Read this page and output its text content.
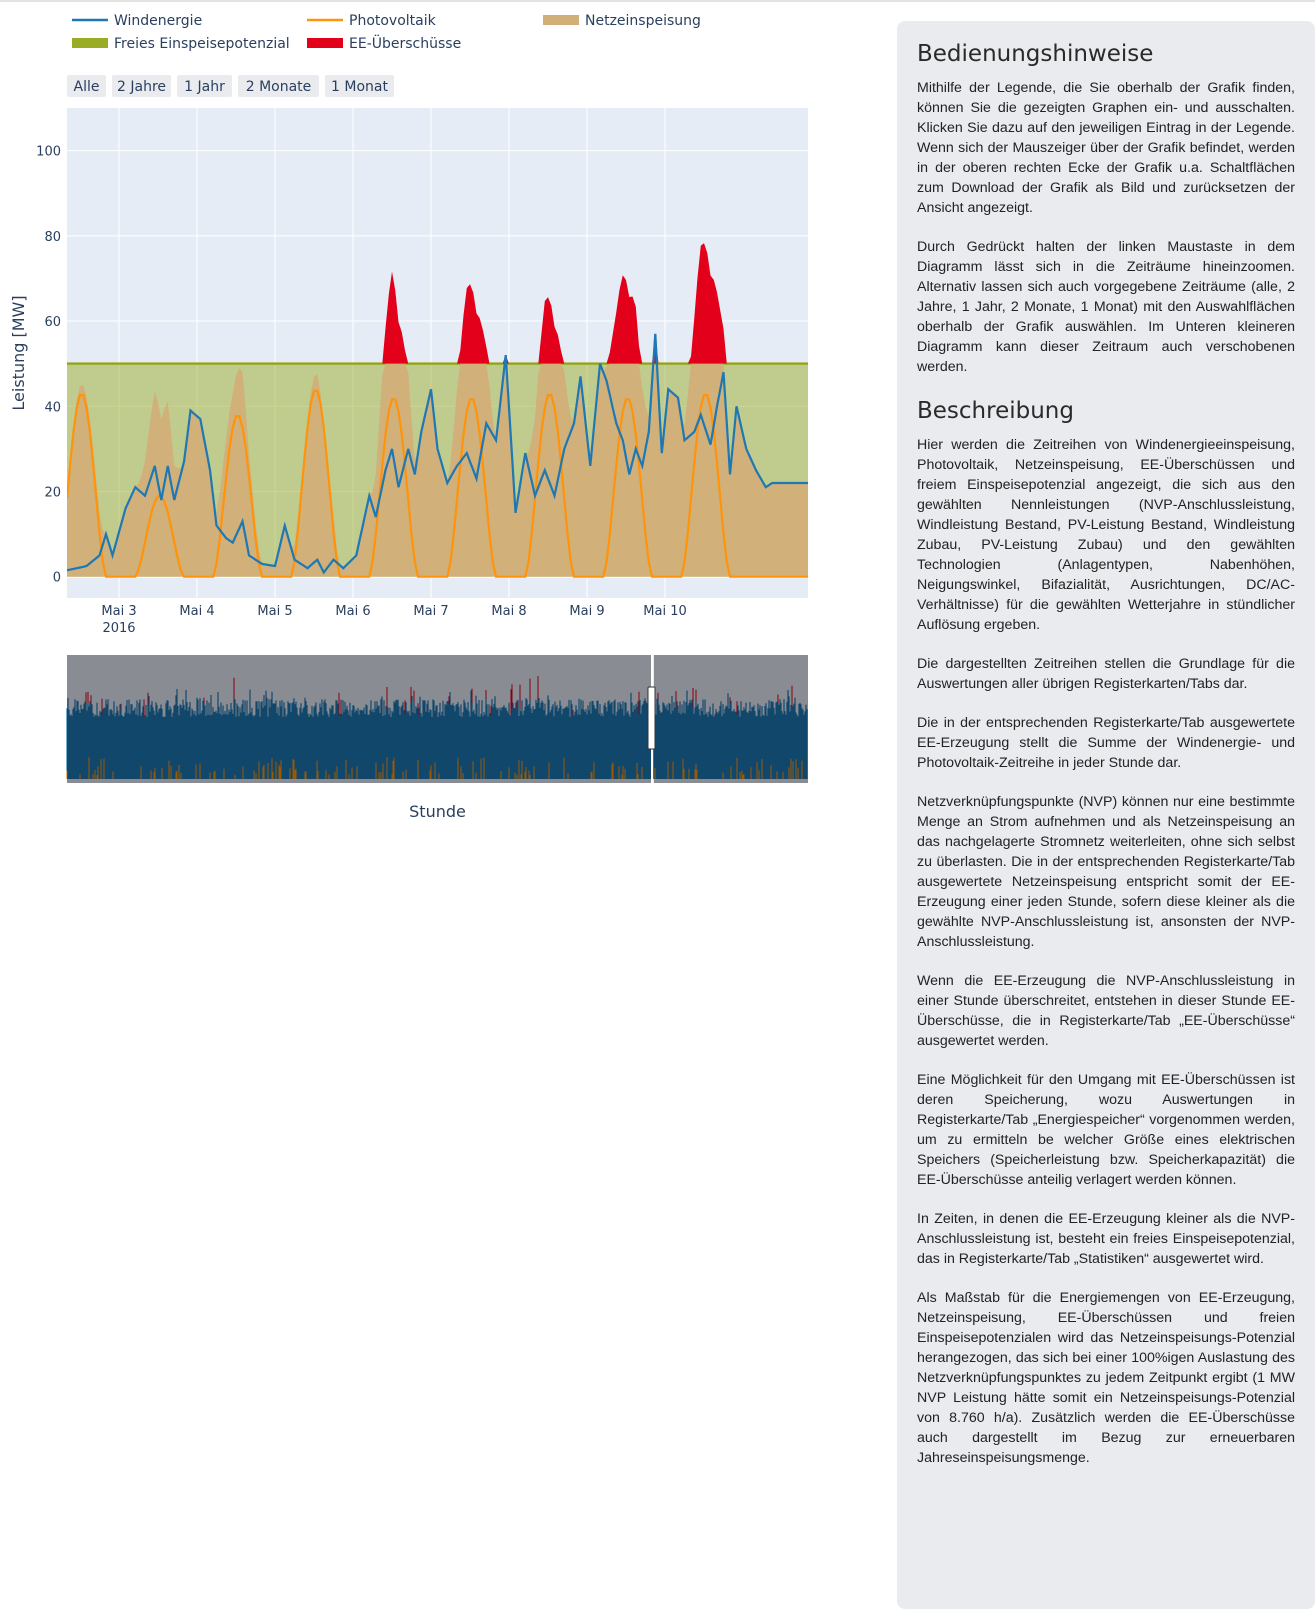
Windenergie	Photovoltaik	Netzeinspeisung
Freies Einspeisepotenzial	EE-Überschüsse
Alle 2 Jahre 1 Jahr 2 Monate 1 Monat
0
20
40
60
80
100
Mai 3
2016
Mai 4	Mai 5	Mai 6	Mai 7	Mai 8	Mai 9	Mai 10
Leistung [MW]
Stunde
Bedienungshinweise

Mithilfe der Legende, die Sie oberhalb der Grafik finden, können Sie die gezeigten Graphen ein- und ausschalten. Klicken Sie dazu auf den jeweiligen Eintrag in der Legende. Wenn sich der Mauszeiger über der Grafik befindet, werden in der oberen rechten Ecke der Grafik u.a. Schaltflächen zum Download der Grafik als Bild und zurücksetzen der Ansicht angezeigt.

Durch Gedrückt halten der linken Maustaste in dem Diagramm lässt sich in die Zeiträume hineinzoomen. Alternativ lassen sich auch vorgegebene Zeiträume (alle, 2 Jahre, 1 Jahr, 2 Monate, 1 Monat) mit den Auswahlflächen oberhalb der Grafik auswählen. Im Unteren kleineren Diagramm kann dieser Zeitraum auch verschobenen werden.

Beschreibung

Hier werden die Zeitreihen von Windenergieeinspeisung, Photovoltaik, Netzeinspeisung, EE-Überschüssen und freiem Einspeisepotenzial angezeigt, die sich aus den gewählten Nennleistungen (NVP-Anschlussleistung, Windleistung Bestand, PV-Leistung Bestand, Windleistung Zubau, PV-Leistung Zubau) und den gewählten Technologien (Anlagentypen, Nabenhöhen, Neigungswinkel, Bifazialität, Ausrichtungen, DC/AC-Verhältnisse) für die gewählten Wetterjahre in stündlicher Auflösung ergeben.

Die dargestellten Zeitreihen stellen die Grundlage für die Auswertungen aller übrigen Registerkarten/Tabs dar.

Die in der entsprechenden Registerkarte/Tab ausgewertete EE-Erzeugung stellt die Summe der Windenergie- und Photovoltaik-Zeitreihe in jeder Stunde dar.

Netzverknüpfungspunkte (NVP) können nur eine bestimmte Menge an Strom aufnehmen und als Netzeinspeisung an das nachgelagerte Stromnetz weiterleiten, ohne sich selbst zu überlasten. Die in der entsprechenden Registerkarte/Tab ausgewertete Netzeinspeisung entspricht somit der EE-Erzeugung einer jeden Stunde, sofern diese kleiner als die gewählte NVP-Anschlussleistung ist, ansonsten der NVP-Anschlussleistung.

Wenn die EE-Erzeugung die NVP-Anschlussleistung in einer Stunde überschreitet, entstehen in dieser Stunde EE-Überschüsse, die in Registerkarte/Tab „EE-Überschüsse“ ausgewertet werden.

Eine Möglichkeit für den Umgang mit EE-Überschüssen ist deren Speicherung, wozu Auswertungen in Registerkarte/Tab „Energiespeicher“ vorgenommen werden, um zu ermitteln be welcher Größe eines elektrischen Speichers (Speicherleistung bzw. Speicherkapazität) die EE-Überschüsse anteilig verlagert werden können.

In Zeiten, in denen die EE-Erzeugung kleiner als die NVP-Anschlussleistung ist, besteht ein freies Einspeisepotenzial, das in Registerkarte/Tab „Statistiken“ ausgewertet wird.

Als Maßstab für die Energiemengen von EE-Erzeugung, Netzeinspeisung, EE-Überschüssen und freien Einspeisepotenzialen wird das Netzeinspeisungs-Potenzial herangezogen, das sich bei einer 100%igen Auslastung des Netzverknüpfungspunktes zu jedem Zeitpunkt ergibt (1 MW NVP Leistung hätte somit ein Netzeinspeisungs-Potenzial von 8.760 h/a). Zusätzlich werden die EE-Überschüsse auch dargestellt im Bezug zur erneuerbaren Jahreseinspeisungsmenge.
